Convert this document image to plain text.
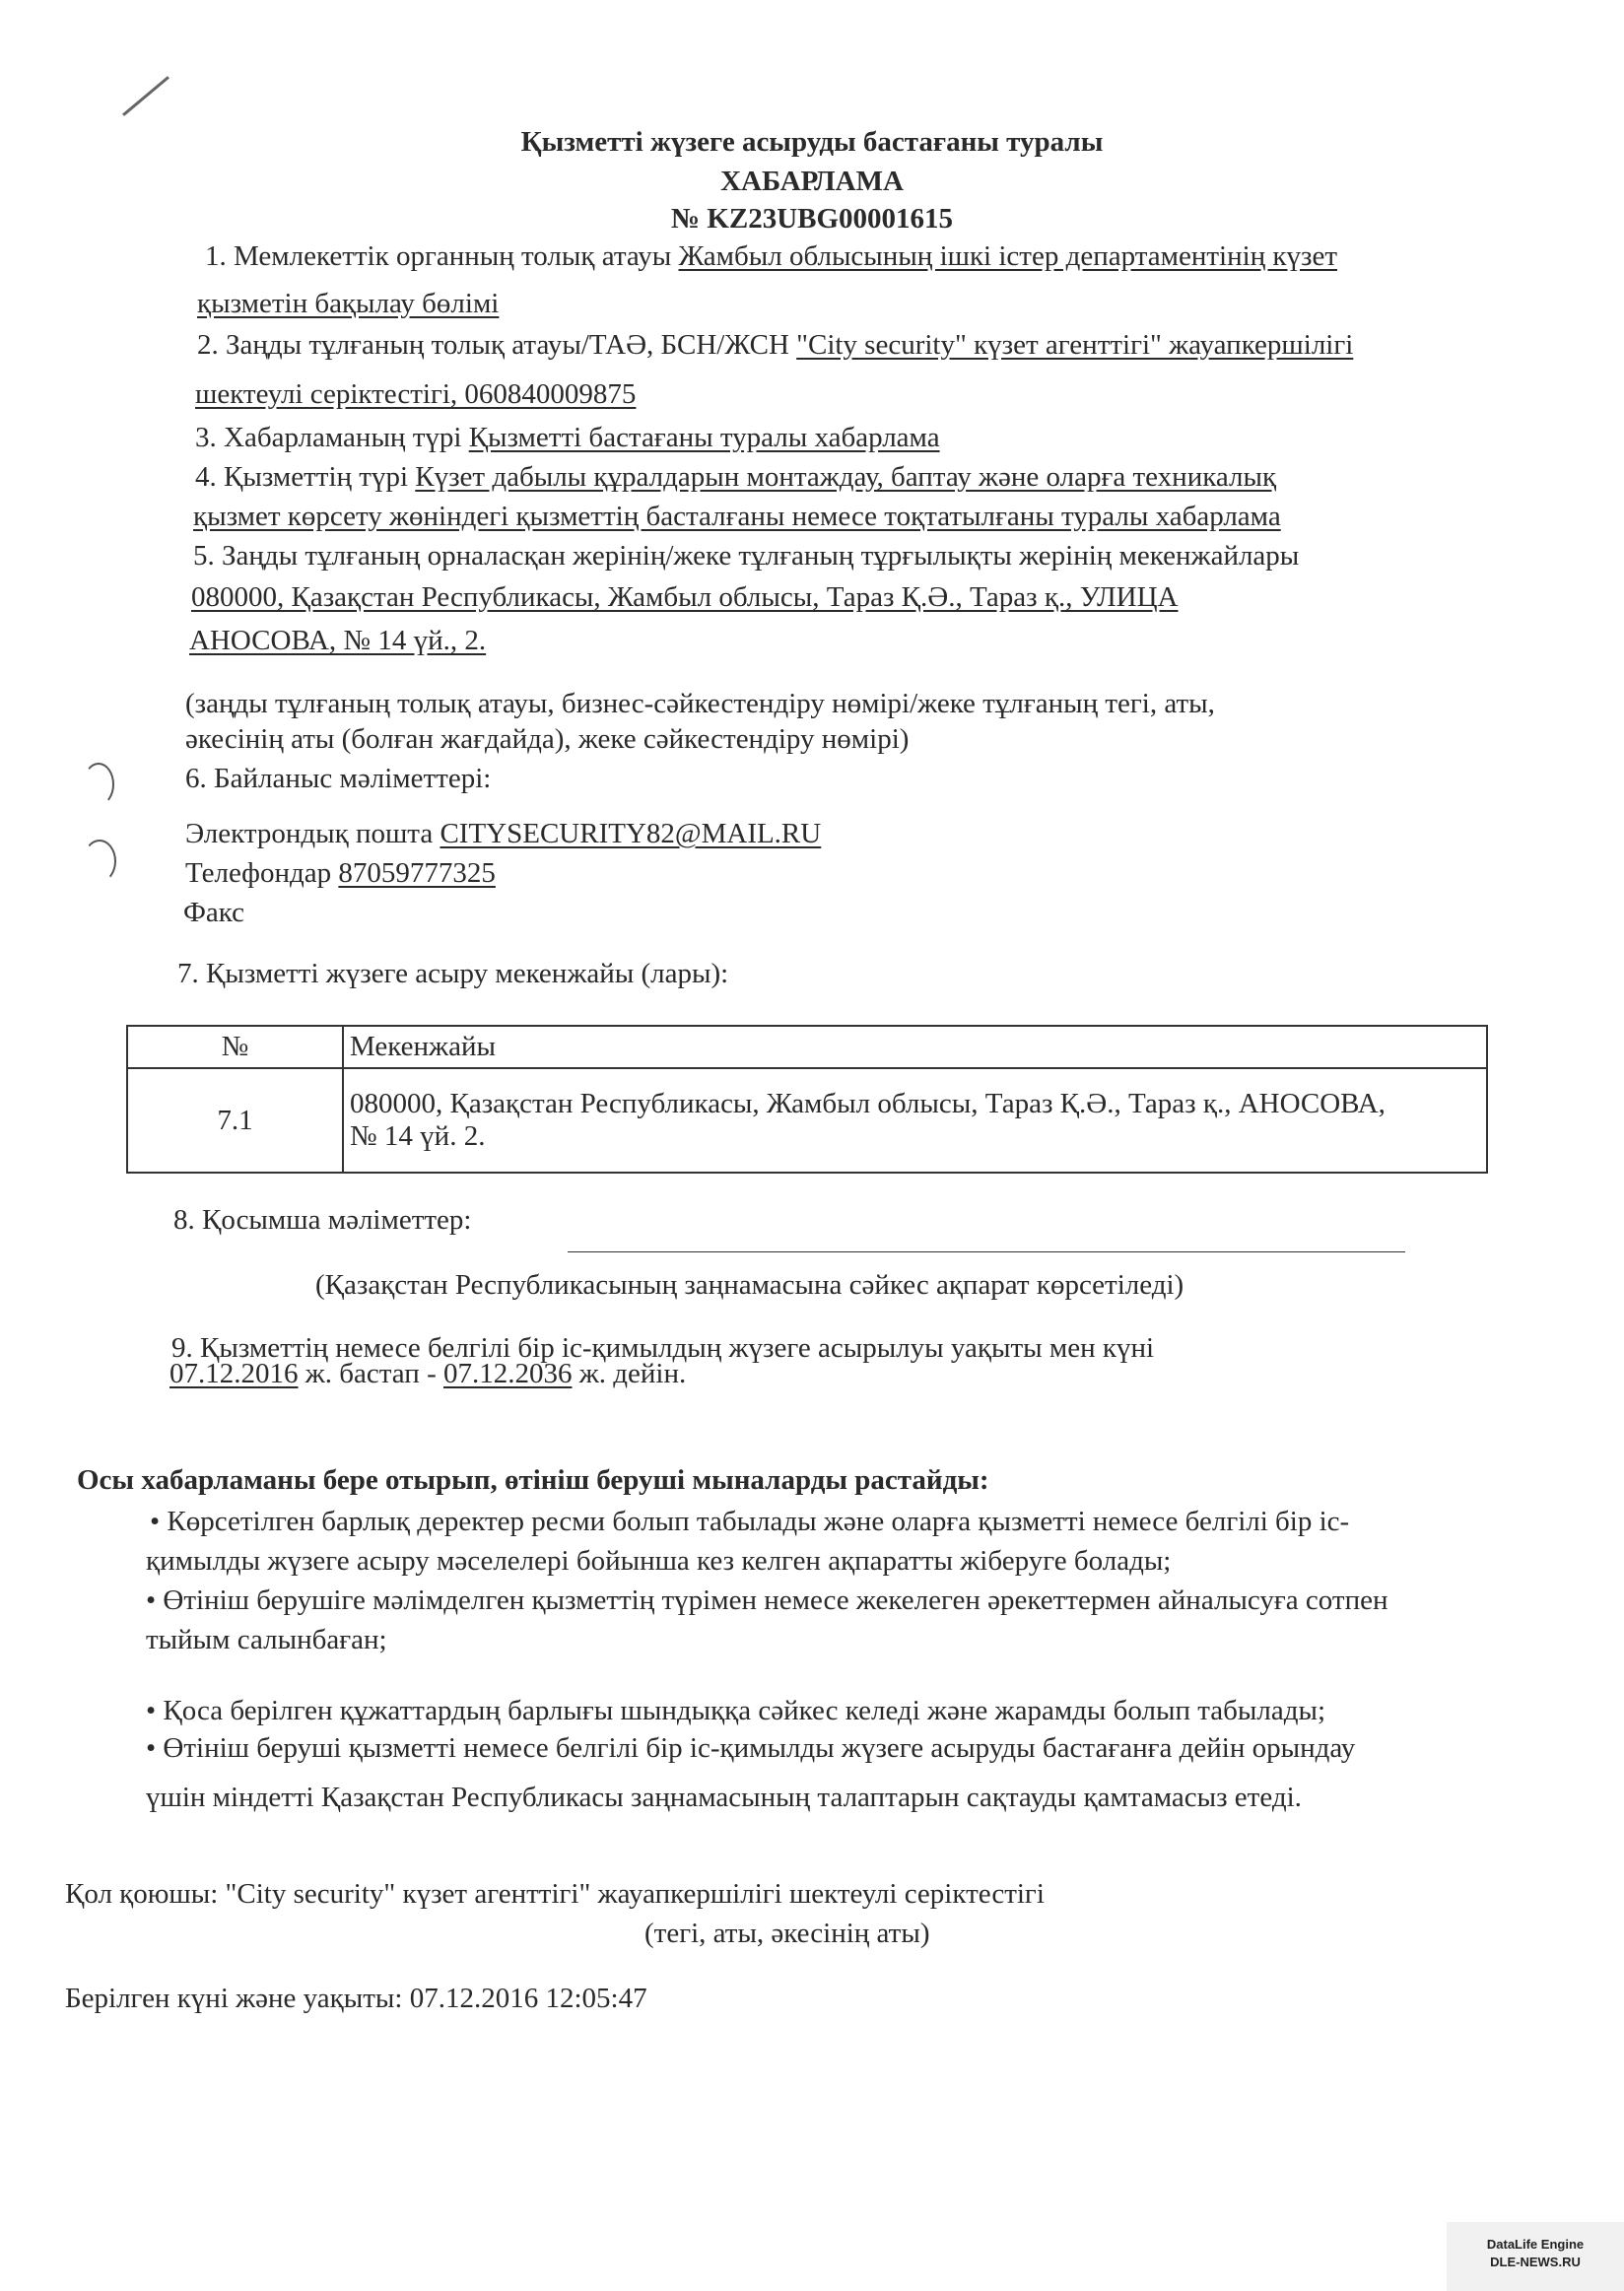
Қызметті жүзеге асыруды бастағаны туралы
ХАБАРЛАМА
№ KZ23UBG00001615
1. Мемлекеттік органның толық атауы Жамбыл облысының ішкі істер департаментінің күзет
қызметін бақылау бөлімі
2. Заңды тұлғаның толық атауы/ТАӘ, БСН/ЖСН "City security" күзет агенттігі" жауапкершілігі
шектеулі серіктестігі, 060840009875
3. Хабарламаның түрі Қызметті бастағаны туралы хабарлама
4. Қызметтің түрі Күзет дабылы құралдарын монтаждау, баптау және оларға техникалық
қызмет көрсету жөніндегі қызметтің басталғаны немесе тоқтатылғаны туралы хабарлама
5. Заңды тұлғаның орналасқан жерінің/жеке тұлғаның тұрғылықты жерінің мекенжайлары
080000, Қазақстан Республикасы, Жамбыл облысы, Тараз Қ.Ә., Тараз қ., УЛИЦА
АНОСОВА, № 14 үй., 2.
(заңды тұлғаның толық атауы, бизнес-сәйкестендіру нөмірі/жеке тұлғаның тегі, аты,
әкесінің аты (болған жағдайда), жеке сәйкестендіру нөмірі)
6. Байланыс мәліметтері:
Электрондық пошта CITYSECURITY82@MAIL.RU
Телефондар 87059777325
Факс
7. Қызметті жүзеге асыру мекенжайы (лары):
№	Мекенжайы
7.1	080000, Қазақстан Республикасы, Жамбыл облысы, Тараз Қ.Ә., Тараз қ., АНОСОВА,
№ 14 үй. 2.
8. Қосымша мәліметтер:
(Қазақстан Республикасының заңнамасына сәйкес ақпарат көрсетіледі)
9. Қызметтің немесе белгілі бір іс-қимылдың жүзеге асырылуы уақыты мен күні
07.12.2016 ж. бастап - 07.12.2036 ж. дейін.
Осы хабарламаны бере отырып, өтініш беруші мыналарды растайды:
• Көрсетілген барлық деректер ресми болып табылады және оларға қызметті немесе белгілі бір іс-
қимылды жүзеге асыру мәселелері бойынша кез келген ақпаратты жіберуге болады;
• Өтініш берушіге мәлімделген қызметтің түрімен немесе жекелеген әрекеттермен айналысуға сотпен
тыйым салынбаған;
• Қоса берілген құжаттардың барлығы шындыққа сәйкес келеді және жарамды болып табылады;
• Өтініш беруші қызметті немесе белгілі бір іс-қимылды жүзеге асыруды бастағанға дейін орындау
үшін міндетті Қазақстан Республикасы заңнамасының талаптарын сақтауды қамтамасыз етеді.
Қол қоюшы: "City security" күзет агенттігі" жауапкершілігі шектеулі серіктестігі
(тегі, аты, әкесінің аты)
Берілген күні және уақыты: 07.12.2016 12:05:47
DataLife Engine
DLE-NEWS.RU
